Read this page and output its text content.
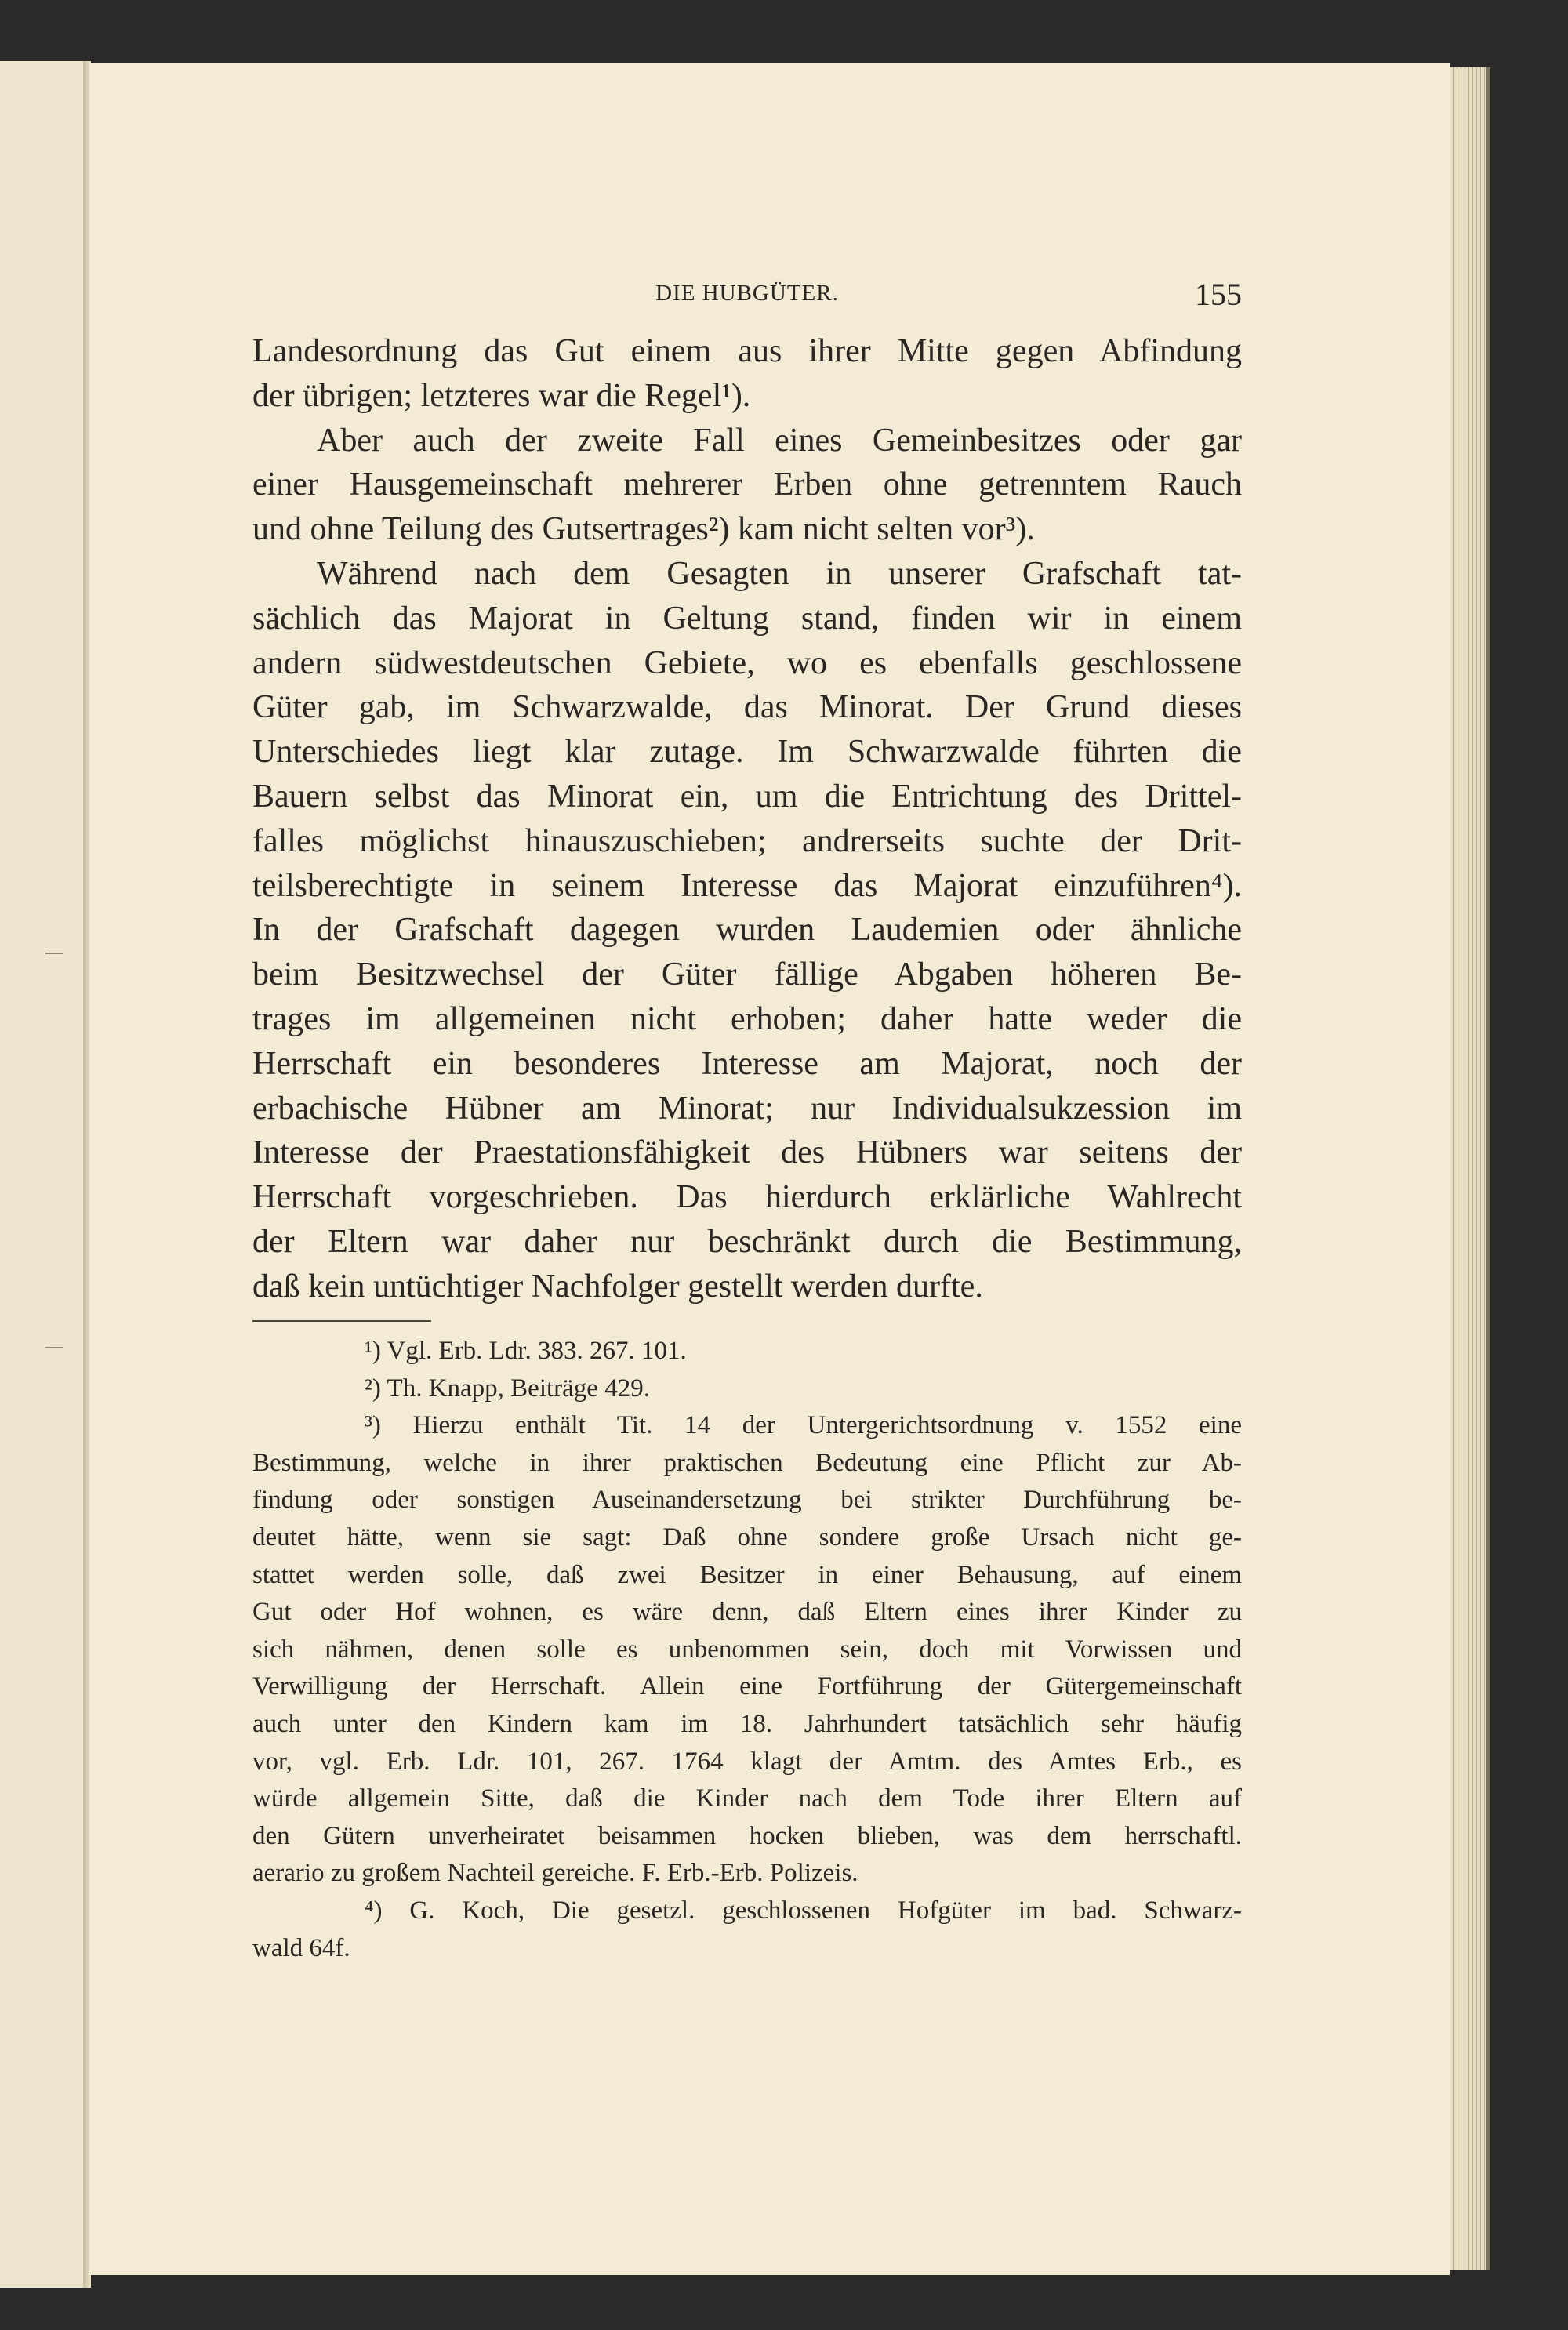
DIE HUBGÜTER.	155
Landesordnung das Gut einem aus ihrer Mitte gegen Abfindung
der übrigen; letzteres war die Regel¹).
Aber auch der zweite Fall eines Gemeinbesitzes oder gar
einer Hausgemeinschaft mehrerer Erben ohne getrenntem Rauch
und ohne Teilung des Gutsertrages²) kam nicht selten vor³).
Während nach dem Gesagten in unserer Grafschaft tat-
sächlich das Majorat in Geltung stand, finden wir in einem
andern südwestdeutschen Gebiete, wo es ebenfalls geschlossene
Güter gab, im Schwarzwalde, das Minorat. Der Grund dieses
Unterschiedes liegt klar zutage. Im Schwarzwalde führten die
Bauern selbst das Minorat ein, um die Entrichtung des Drittel-
falles möglichst hinauszuschieben; andrerseits suchte der Drit-
teilsberechtigte in seinem Interesse das Majorat einzuführen⁴).
In der Grafschaft dagegen wurden Laudemien oder ähnliche
beim Besitzwechsel der Güter fällige Abgaben höheren Be-
trages im allgemeinen nicht erhoben; daher hatte weder die
Herrschaft ein besonderes Interesse am Majorat, noch der
erbachische Hübner am Minorat; nur Individualsukzession im
Interesse der Praestationsfähigkeit des Hübners war seitens der
Herrschaft vorgeschrieben. Das hierdurch erklärliche Wahlrecht
der Eltern war daher nur beschränkt durch die Bestimmung,
daß kein untüchtiger Nachfolger gestellt werden durfte.
¹) Vgl. Erb. Ldr. 383. 267. 101.
²) Th. Knapp, Beiträge 429.
³) Hierzu enthält Tit. 14 der Untergerichtsordnung v. 1552 eine
Bestimmung, welche in ihrer praktischen Bedeutung eine Pflicht zur Ab-
findung oder sonstigen Auseinandersetzung bei strikter Durchführung be-
deutet hätte, wenn sie sagt: Daß ohne sondere große Ursach nicht ge-
stattet werden solle, daß zwei Besitzer in einer Behausung, auf einem
Gut oder Hof wohnen, es wäre denn, daß Eltern eines ihrer Kinder zu
sich nähmen, denen solle es unbenommen sein, doch mit Vorwissen und
Verwilligung der Herrschaft. Allein eine Fortführung der Gütergemeinschaft
auch unter den Kindern kam im 18. Jahrhundert tatsächlich sehr häufig
vor, vgl. Erb. Ldr. 101, 267. 1764 klagt der Amtm. des Amtes Erb., es
würde allgemein Sitte, daß die Kinder nach dem Tode ihrer Eltern auf
den Gütern unverheiratet beisammen hocken blieben, was dem herrschaftl.
aerario zu großem Nachteil gereiche. F. Erb.-Erb. Polizeis.
⁴) G. Koch, Die gesetzl. geschlossenen Hofgüter im bad. Schwarz-
wald 64f.
